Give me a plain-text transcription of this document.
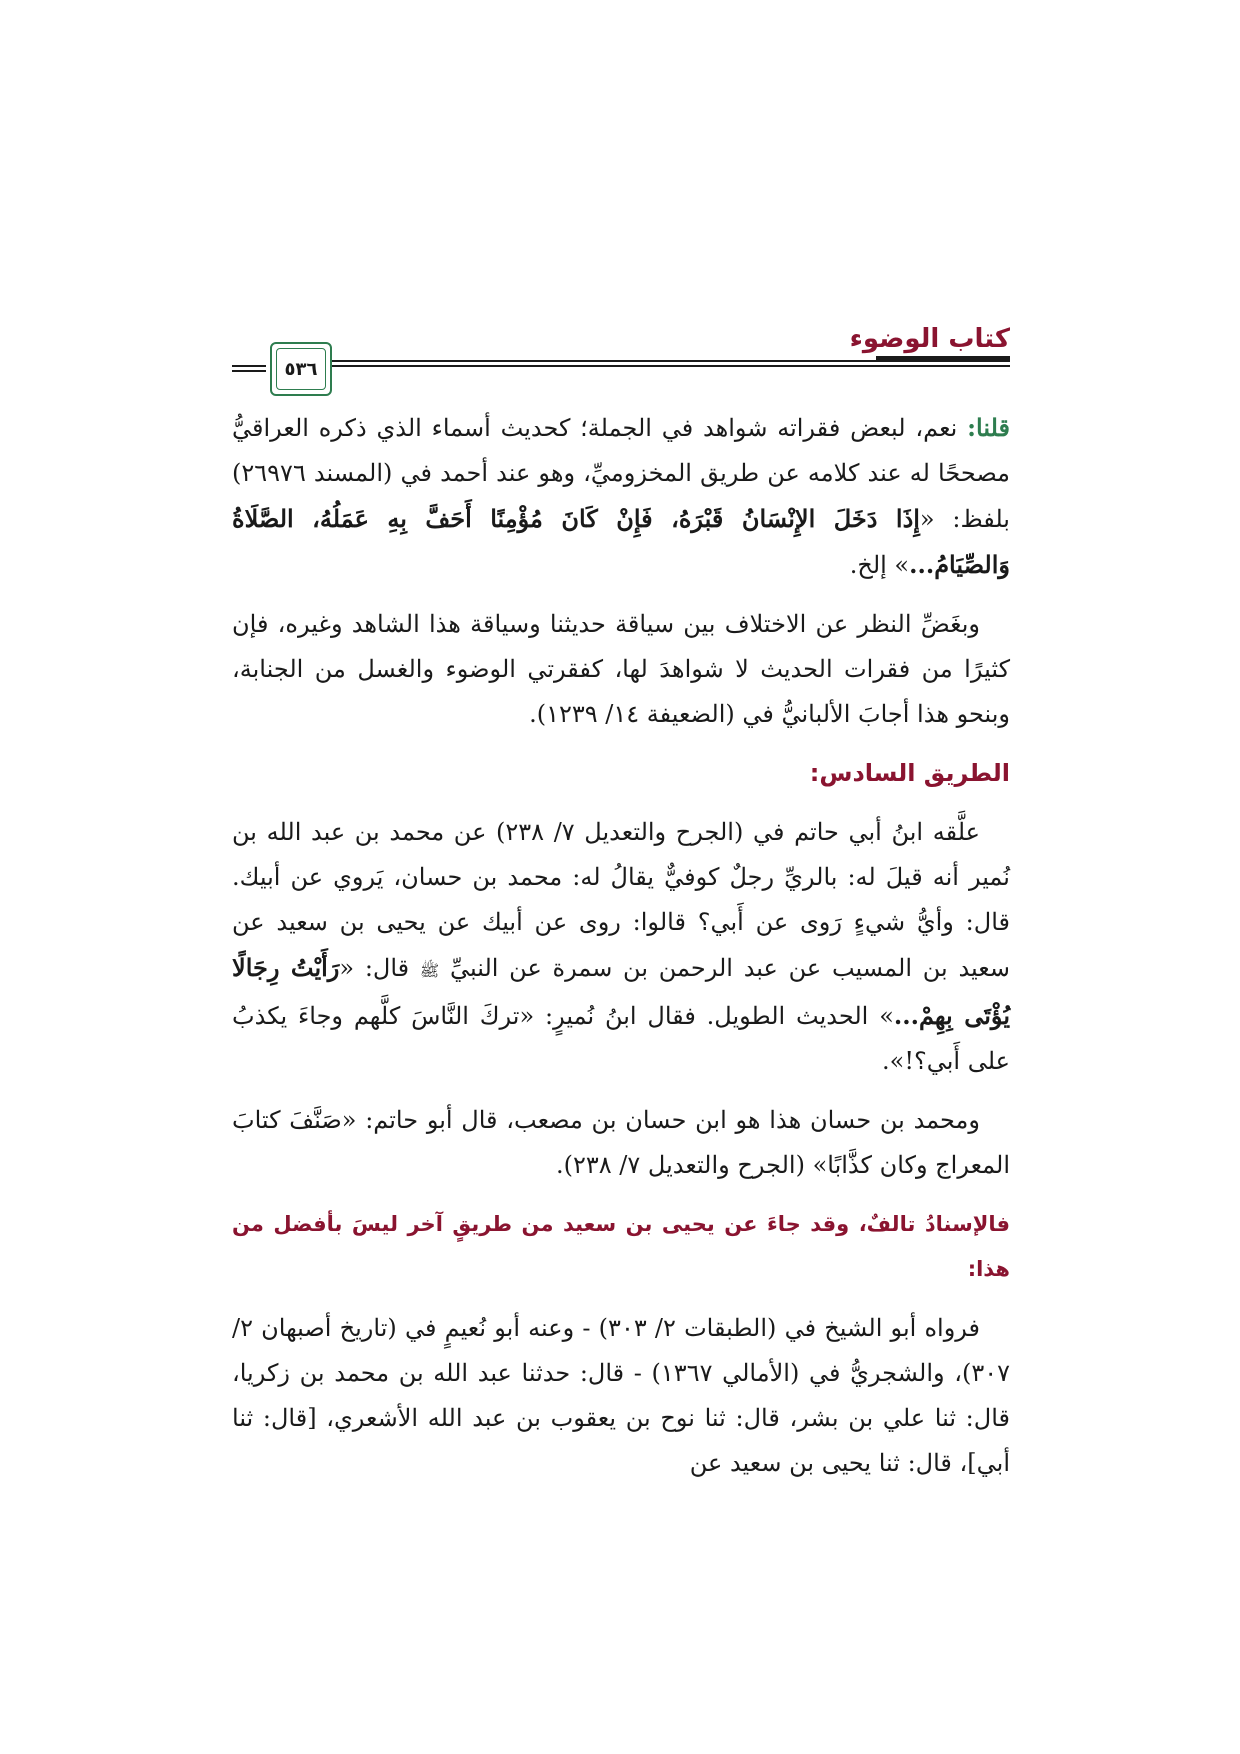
كتاب الوضوء
٥٣٦

قلنا: نعم، لبعض فقراته شواهد في الجملة؛ كحديث أسماء الذي ذكره العراقيُّ مصححًا له عند كلامه عن طريق المخزوميِّ، وهو عند أحمد في (المسند ٢٦٩٧٦) بلفظ: «إِذَا دَخَلَ الإِنْسَانُ قَبْرَهُ، فَإِنْ كَانَ مُؤْمِنًا أَحَفَّ بِهِ عَمَلُهُ، الصَّلَاةُ وَالصِّيَامُ...» إلخ.

وبغَضِّ النظر عن الاختلاف بين سياقة حديثنا وسياقة هذا الشاهد وغيره، فإن كثيرًا من فقرات الحديث لا شواهدَ لها، كفقرتي الوضوء والغسل من الجنابة، وبنحو هذا أجابَ الألبانيُّ في (الضعيفة ١٤/ ١٢٣٩).

الطريق السادس:

علَّقه ابنُ أبي حاتم في (الجرح والتعديل ٧/ ٢٣٨) عن محمد بن عبد الله بن نُمير أنه قيلَ له: بالريِّ رجلٌ كوفيٌّ يقالُ له: محمد بن حسان، يَروي عن أبيك. قال: وأيُّ شيءٍ رَوى عن أَبي؟ قالوا: روى عن أبيك عن يحيى بن سعيد عن سعيد بن المسيب عن عبد الرحمن بن سمرة عن النبيِّ ﷺ قال: «رَأَيْتُ رِجَالًا يُؤْتَى بِهِمْ...» الحديث الطويل. فقال ابنُ نُميرٍ: «تركَ النَّاسَ كلَّهم وجاءَ يكذبُ على أَبي؟!».

ومحمد بن حسان هذا هو ابن حسان بن مصعب، قال أبو حاتم: «صَنَّفَ كتابَ المعراج وكان كذَّابًا» (الجرح والتعديل ٧/ ٢٣٨).

فالإسنادُ تالفٌ، وقد جاءَ عن يحيى بن سعيد من طريقٍ آخر ليسَ بأفضل من هذا:

فرواه أبو الشيخ في (الطبقات ٢/ ٣٠٣) - وعنه أبو نُعيمٍ في (تاريخ أصبهان ٢/ ٣٠٧)، والشجريُّ في (الأمالي ١٣٦٧) - قال: حدثنا عبد الله بن محمد بن زكريا، قال: ثنا علي بن بشر، قال: ثنا نوح بن يعقوب بن عبد الله الأشعري، [قال: ثنا أبي]، قال: ثنا يحيى بن سعيد عن
